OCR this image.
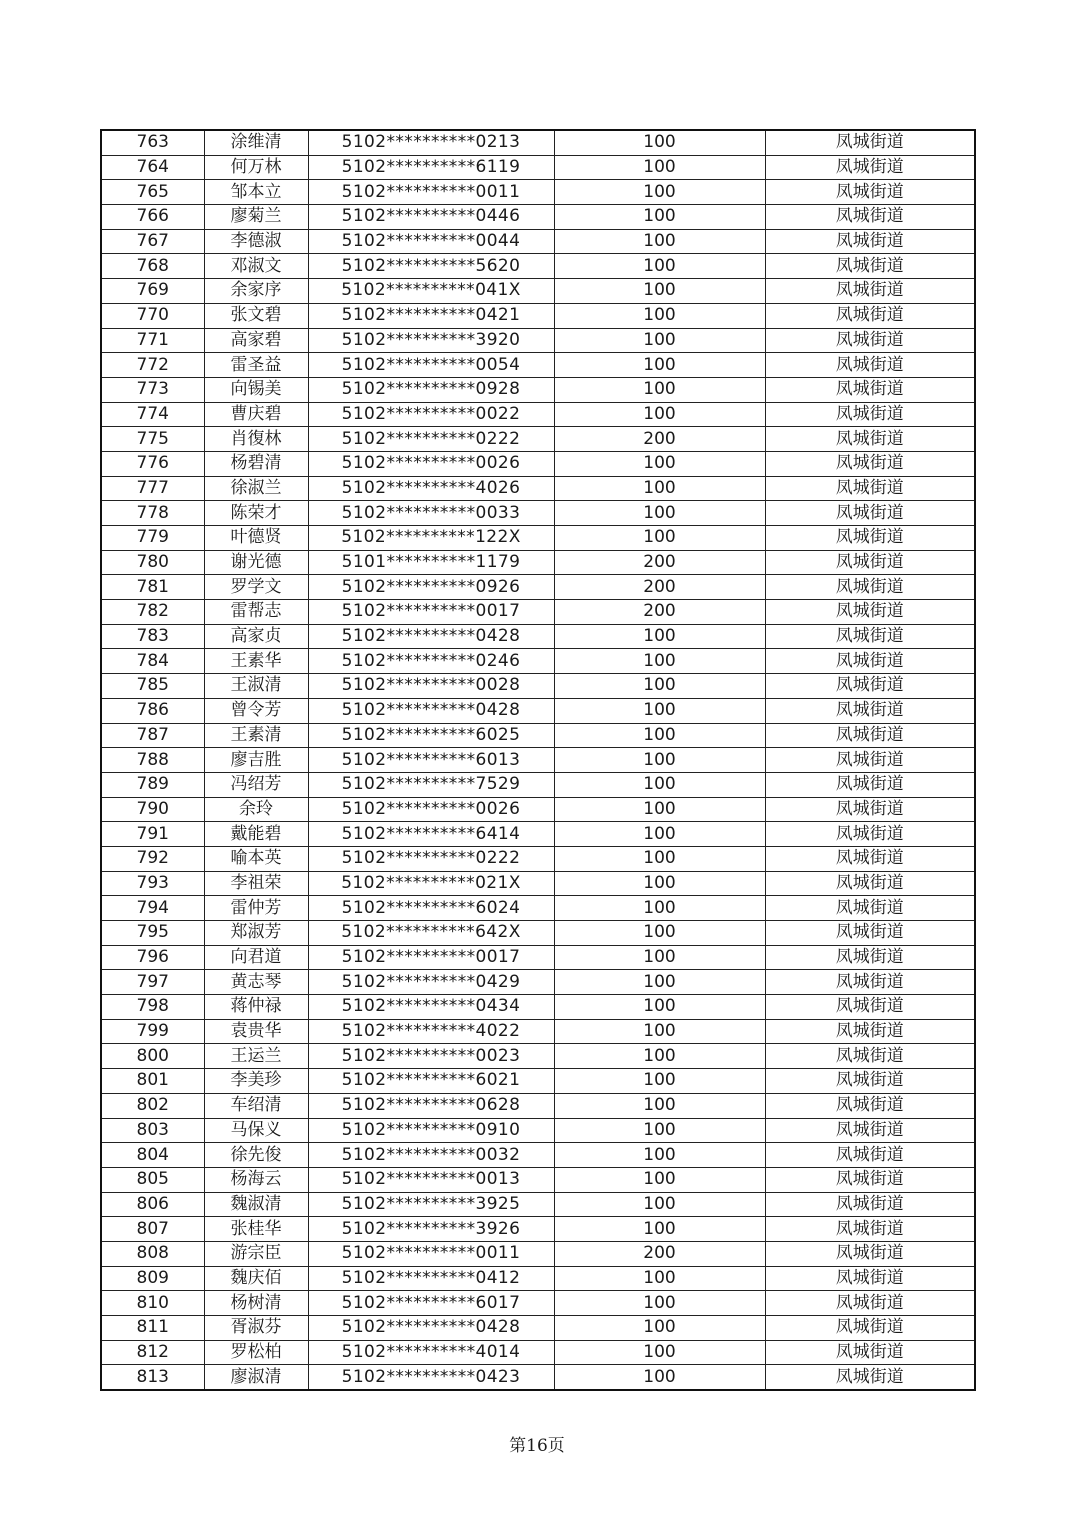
763	涂维清	5102**********0213	100	凤城街道
764	何万林	5102**********6119	100	凤城街道
765	邹本立	5102**********0011	100	凤城街道
766	廖菊兰	5102**********0446	100	凤城街道
767	李德淑	5102**********0044	100	凤城街道
768	邓淑文	5102**********5620	100	凤城街道
769	余家序	5102**********041X	100	凤城街道
770	张文碧	5102**********0421	100	凤城街道
771	高家碧	5102**********3920	100	凤城街道
772	雷圣益	5102**********0054	100	凤城街道
773	向锡美	5102**********0928	100	凤城街道
774	曹庆碧	5102**********0022	100	凤城街道
775	肖復林	5102**********0222	200	凤城街道
776	杨碧清	5102**********0026	100	凤城街道
777	徐淑兰	5102**********4026	100	凤城街道
778	陈荣才	5102**********0033	100	凤城街道
779	叶德贤	5102**********122X	100	凤城街道
780	谢光德	5101**********1179	200	凤城街道
781	罗学文	5102**********0926	200	凤城街道
782	雷帮志	5102**********0017	200	凤城街道
783	高家贞	5102**********0428	100	凤城街道
784	王素华	5102**********0246	100	凤城街道
785	王淑清	5102**********0028	100	凤城街道
786	曾令芳	5102**********0428	100	凤城街道
787	王素清	5102**********6025	100	凤城街道
788	廖吉胜	5102**********6013	100	凤城街道
789	冯绍芳	5102**********7529	100	凤城街道
790	余玲	5102**********0026	100	凤城街道
791	戴能碧	5102**********6414	100	凤城街道
792	喻本英	5102**********0222	100	凤城街道
793	李祖荣	5102**********021X	100	凤城街道
794	雷仲芳	5102**********6024	100	凤城街道
795	郑淑芳	5102**********642X	100	凤城街道
796	向君道	5102**********0017	100	凤城街道
797	黄志琴	5102**********0429	100	凤城街道
798	蒋仲禄	5102**********0434	100	凤城街道
799	袁贵华	5102**********4022	100	凤城街道
800	王运兰	5102**********0023	100	凤城街道
801	李美珍	5102**********6021	100	凤城街道
802	车绍清	5102**********0628	100	凤城街道
803	马保义	5102**********0910	100	凤城街道
804	徐先俊	5102**********0032	100	凤城街道
805	杨海云	5102**********0013	100	凤城街道
806	魏淑清	5102**********3925	100	凤城街道
807	张桂华	5102**********3926	100	凤城街道
808	游宗臣	5102**********0011	200	凤城街道
809	魏庆佰	5102**********0412	100	凤城街道
810	杨树清	5102**********6017	100	凤城街道
811	胥淑芬	5102**********0428	100	凤城街道
812	罗松柏	5102**********4014	100	凤城街道
813	廖淑清	5102**********0423	100	凤城街道
第16页
